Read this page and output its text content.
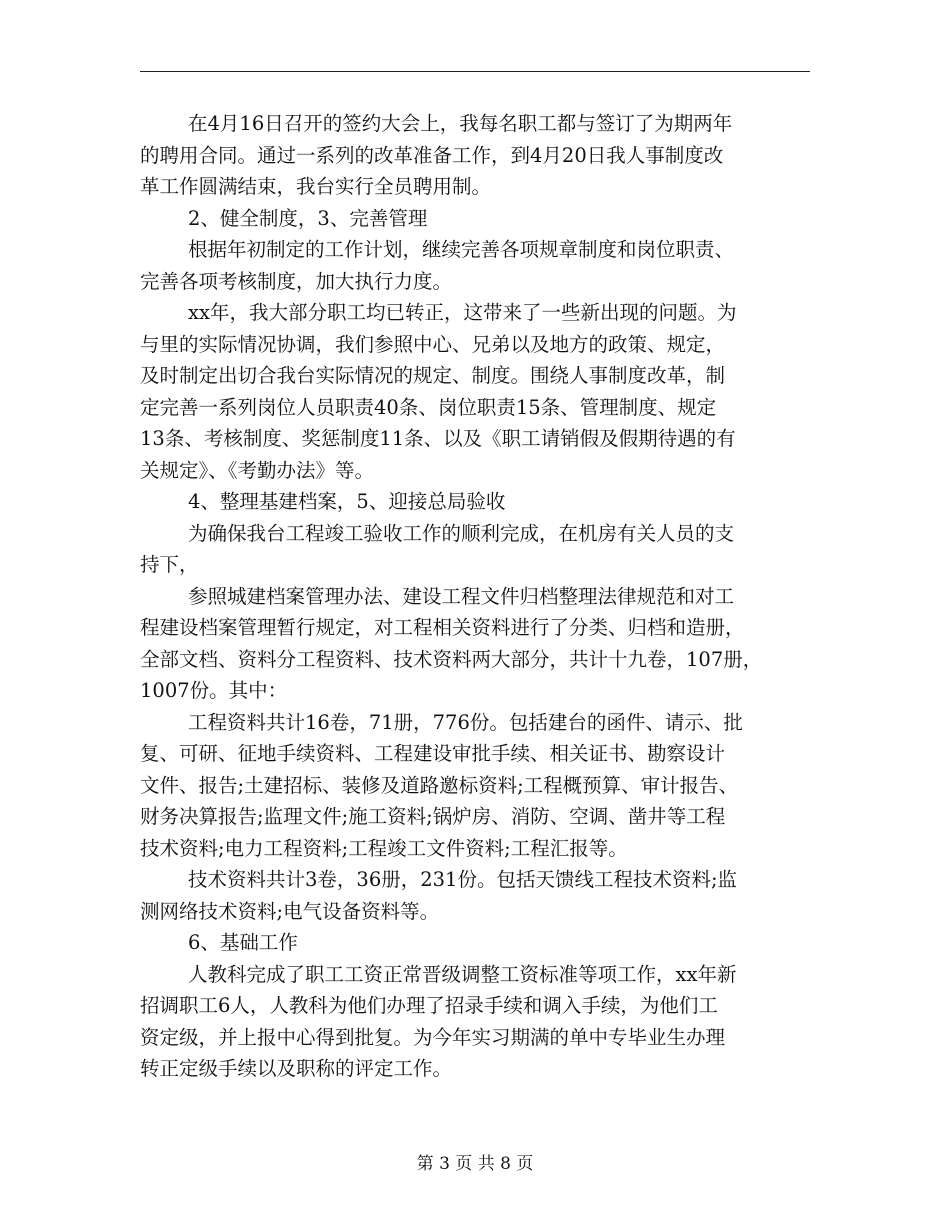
在4月16日召开的签约大会上，我每名职工都与签订了为期两年
的聘用合同。通过一系列的改革准备工作，到4月20日我人事制度改
革工作圆满结束，我台实行全员聘用制。
2、健全制度，3、完善管理
根据年初制定的工作计划，继续完善各项规章制度和岗位职责、
完善各项考核制度，加大执行力度。
xx年，我大部分职工均已转正，这带来了一些新出现的问题。为
与里的实际情况协调，我们参照中心、兄弟以及地方的政策、规定，
及时制定出切合我台实际情况的规定、制度。围绕人事制度改革，制
定完善一系列岗位人员职责40条、岗位职责15条、管理制度、规定
13条、考核制度、奖惩制度11条、以及《职工请销假及假期待遇的有
关规定》、《考勤办法》等。
4、整理基建档案，5、迎接总局验收
为确保我台工程竣工验收工作的顺利完成，在机房有关人员的支
持下，
参照城建档案管理办法、建设工程文件归档整理法律规范和对工
程建设档案管理暂行规定，对工程相关资料进行了分类、归档和造册，
全部文档、资料分工程资料、技术资料两大部分，共计十九卷，107册，
1007份。其中：
工程资料共计16卷，71册，776份。包括建台的函件、请示、批
复、可研、征地手续资料、工程建设审批手续、相关证书、勘察设计
文件、报告;土建招标、装修及道路邀标资料;工程概预算、审计报告、
财务决算报告;监理文件;施工资料;锅炉房、消防、空调、凿井等工程
技术资料;电力工程资料;工程竣工文件资料;工程汇报等。
技术资料共计3卷，36册，231份。包括天馈线工程技术资料;监
测网络技术资料;电气设备资料等。
6、基础工作
人教科完成了职工工资正常晋级调整工资标准等项工作，xx年新
招调职工6人，人教科为他们办理了招录手续和调入手续，为他们工
资定级，并上报中心得到批复。为今年实习期满的单中专毕业生办理
转正定级手续以及职称的评定工作。
第 3 页 共 8 页
